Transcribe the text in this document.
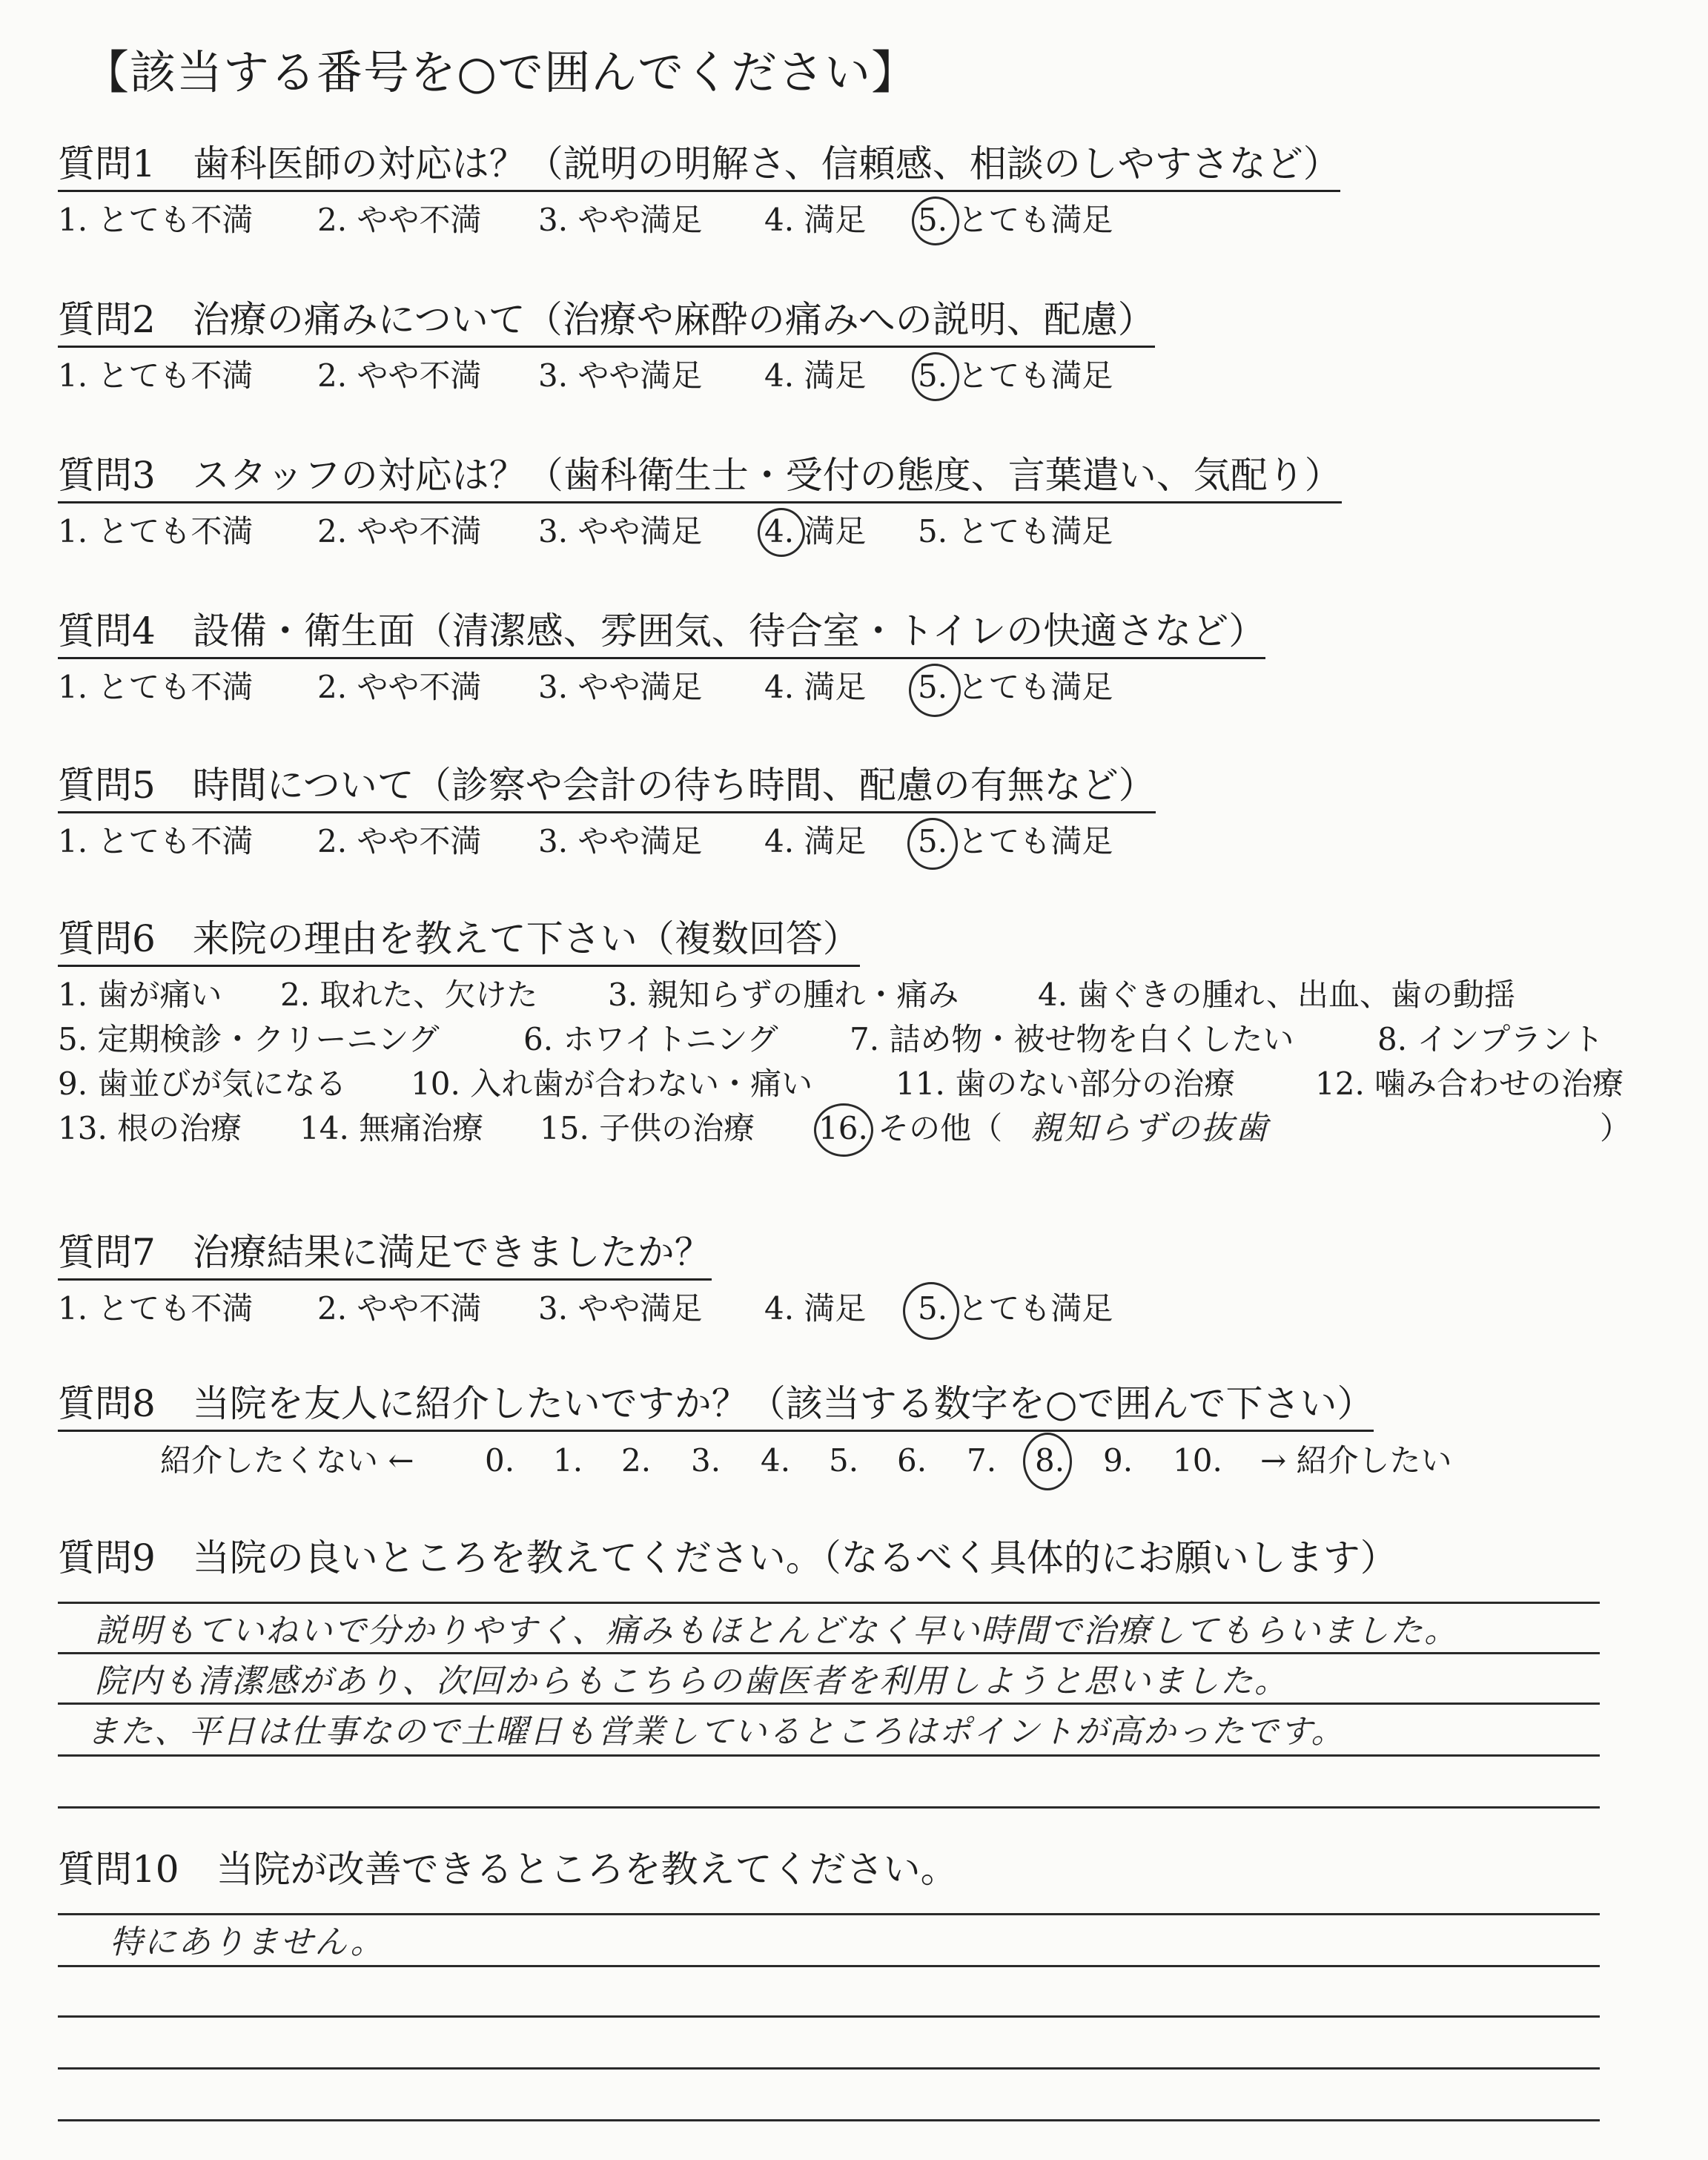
【該当する番号を○で囲んでください】
質問1　歯科医師の対応は？（説明の明解さ、信頼感、相談のしやすさなど）
1. とても不満 2. やや不満 3. やや満足 4. 満足 5. とても満足
質問2　治療の痛みについて（治療や麻酔の痛みへの説明、配慮）
1. とても不満 2. やや不満 3. やや満足 4. 満足 5. とても満足
質問3　スタッフの対応は？（歯科衛生士・受付の態度、言葉遣い、気配り）
1. とても不満 2. やや不満 3. やや満足 4. 満足 5. とても満足
質問4　設備・衛生面（清潔感、雰囲気、待合室・トイレの快適さなど）
1. とても不満 2. やや不満 3. やや満足 4. 満足 5. とても満足
質問5　時間について（診察や会計の待ち時間、配慮の有無など）
1. とても不満 2. やや不満 3. やや満足 4. 満足 5. とても満足
質問6　来院の理由を教えて下さい（複数回答）
1. 歯が痛い 2. 取れた、欠けた 3. 親知らずの腫れ・痛み	4. 歯ぐきの腫れ、出血、歯の動揺
5. 定期検診・クリーニング	6. ホワイトニング 7. 詰め物・被せ物を白くしたい	8. インプラント
9. 歯並びが気になる 10. 入れ歯が合わない・痛い	11. 歯のない部分の治療	12. 噛み合わせの治療
13. 根の治療 14. 無痛治療 15. 子供の治療 16. その他（ 親知らずの抜歯	）
質問7　治療結果に満足できましたか？
1. とても不満 2. やや不満 3. やや満足 4. 満足 5. とても満足
質問8　当院を友人に紹介したいですか？（該当する数字を○で囲んで下さい）
紹介したくない ← 0. 1. 2. 3. 4. 5. 6. 7. 8. 9. 10. → 紹介したい
質問9　当院の良いところを教えてください。（なるべく具体的にお願いします）
説明もていねいで分かりやすく、痛みもほとんどなく早い時間で治療してもらいました。
院内も清潔感があり、次回からもこちらの歯医者を利用しようと思いました。
また、平日は仕事なので土曜日も営業しているところはポイントが高かったです。
質問10　当院が改善できるところを教えてください。
特にありません。
